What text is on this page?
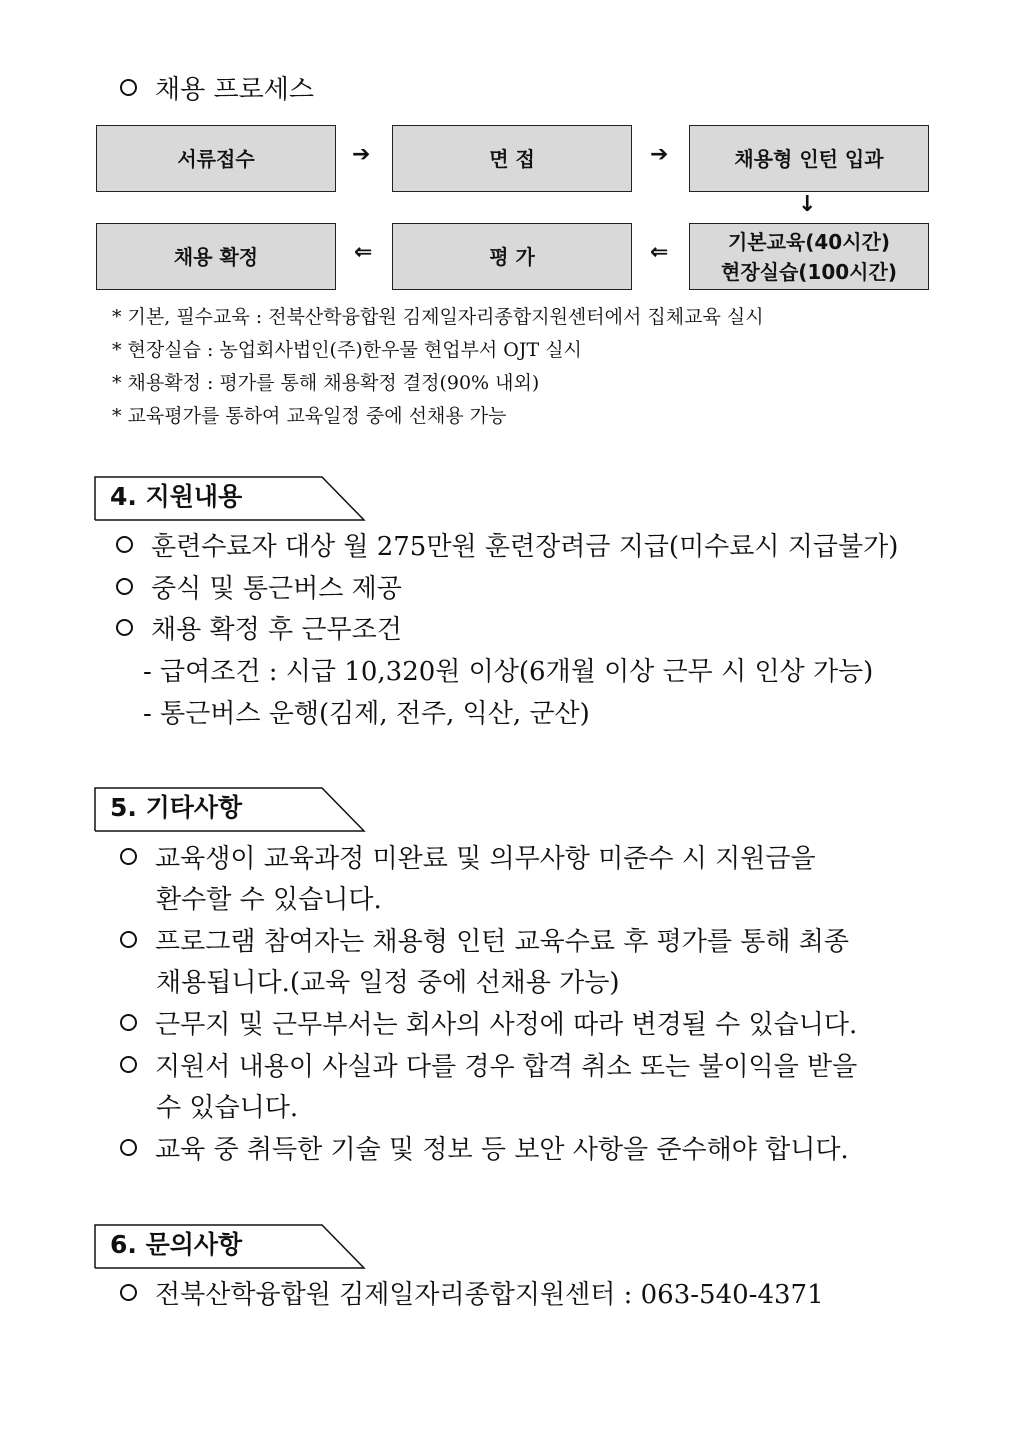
채용 프로세스
서류접수	➔	면 접	➔	채용형 인턴 입과
↓
채용 확정	⇐	평 가	⇐	기본교육(40시간)
현장실습(100시간)
* 기본, 필수교육 : 전북산학융합원 김제일자리종합지원센터에서 집체교육 실시
* 현장실습 : 농업회사법인(주)한우물 현업부서 OJT 실시
* 채용확정 : 평가를 통해 채용확정 결정(90% 내외)
* 교육평가를 통하여 교육일정 중에 선채용 가능
4. 지원내용
훈련수료자 대상 월 275만원 훈련장려금 지급(미수료시 지급불가)
중식 및 통근버스 제공
채용 확정 후 근무조건
- 급여조건 : 시급 10,320원 이상(6개월 이상 근무 시 인상 가능)
- 통근버스 운행(김제, 전주, 익산, 군산)
5. 기타사항
교육생이 교육과정 미완료 및 의무사항 미준수 시 지원금을
환수할 수 있습니다.
프로그램 참여자는 채용형 인턴 교육수료 후 평가를 통해 최종
채용됩니다.(교육 일정 중에 선채용 가능)
근무지 및 근무부서는 회사의 사정에 따라 변경될 수 있습니다.
지원서 내용이 사실과 다를 경우 합격 취소 또는 불이익을 받을
수 있습니다.
교육 중 취득한 기술 및 정보 등 보안 사항을 준수해야 합니다.
6. 문의사항
전북산학융합원 김제일자리종합지원센터 : 063-540-4371
